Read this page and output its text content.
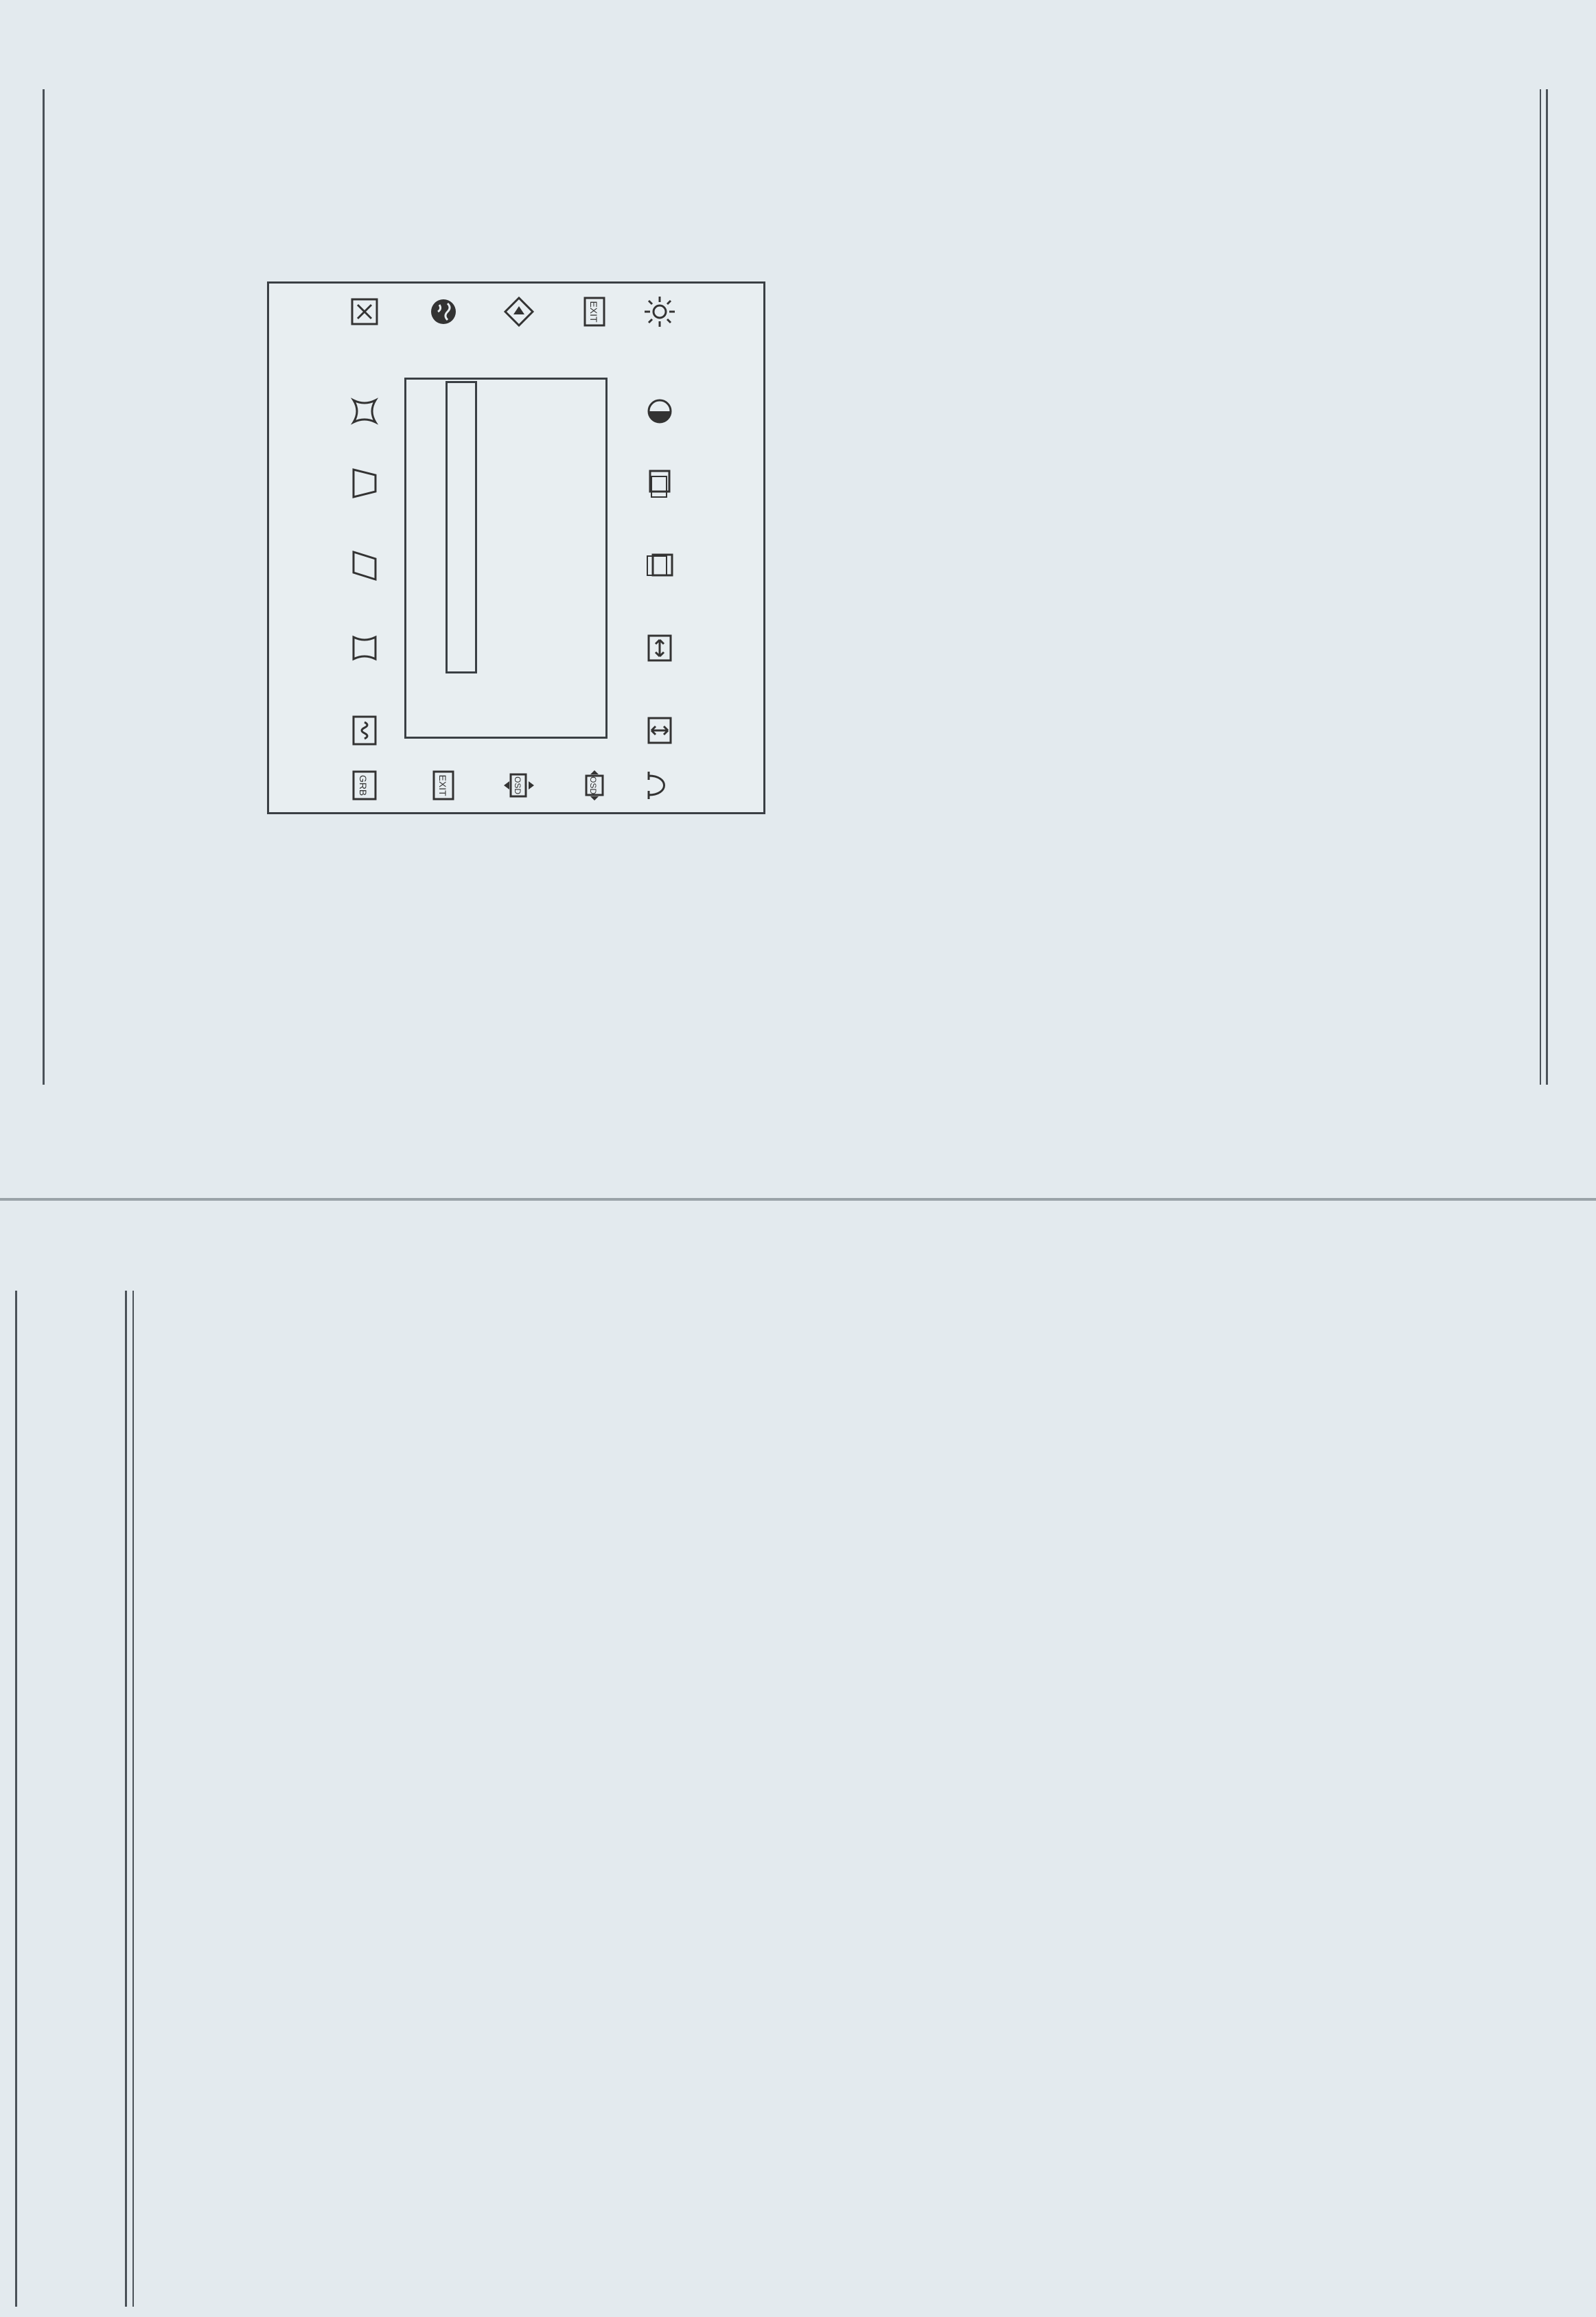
EXIT
OSD
OSD
EXIT
GRB
